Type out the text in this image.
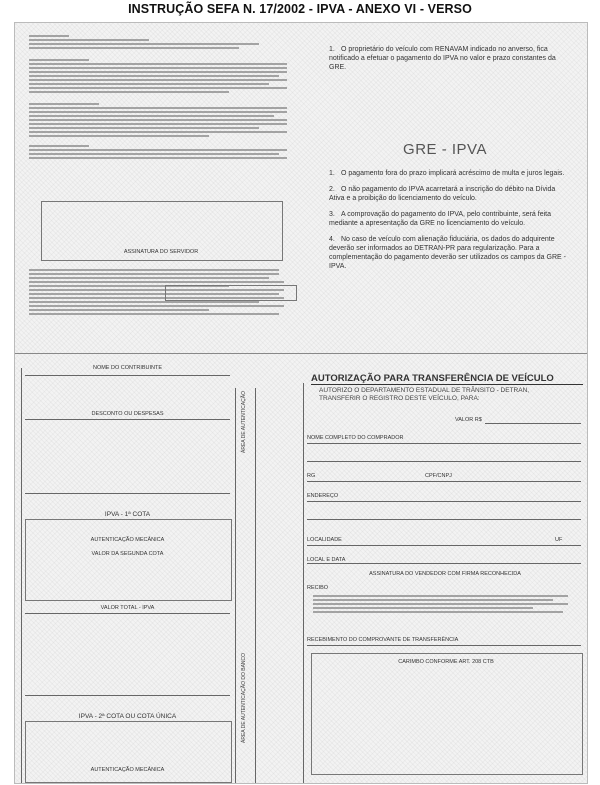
INSTRUÇÃO SEFA N. 17/2002 - IPVA - ANEXO VI - VERSO
ASSINATURA DO SERVIDOR
1. O proprietário do veículo com RENAVAM indicado no anverso, fica notificado a efetuar o pagamento do IPVA no valor e prazo constantes da GRE.
GRE - IPVA
1. O pagamento fora do prazo implicará acréscimo de multa e juros legais.
2. O não pagamento do IPVA acarretará a inscrição do débito na Dívida Ativa e a proibição do licenciamento do veículo.
3. A comprovação do pagamento do IPVA, pelo contribuinte, será feita mediante a apresentação da GRE no licenciamento do veículo.
4. No caso de veículo com alienação fiduciária, os dados do adquirente deverão ser informados ao DETRAN-PR para regularização. Para a complementação do pagamento deverão ser utilizados os campos da GRE - IPVA.
NOME DO CONTRIBUINTE
DESCONTO OU DESPESAS
IPVA - 1ª COTA
AUTENTICAÇÃO MECÂNICA
VALOR DA SEGUNDA COTA
VALOR TOTAL - IPVA
IPVA - 2ª COTA OU COTA ÚNICA
AUTENTICAÇÃO MECÂNICA
ÁREA DE AUTENTICAÇÃO
ÁREA DE AUTENTICAÇÃO DO BANCO
AUTORIZAÇÃO PARA TRANSFERÊNCIA DE VEÍCULO
AUTORIZO O DEPARTAMENTO ESTADUAL DE TRÂNSITO - DETRAN, TRANSFERIR O REGISTRO DESTE VEÍCULO, PARA:
VALOR R$
NOME COMPLETO DO COMPRADOR
RG	CPF/CNPJ
ENDEREÇO
LOCALIDADE	UF
LOCAL E DATA
ASSINATURA DO VENDEDOR COM FIRMA RECONHECIDA
RECIBO
RECEBIMENTO DO COMPROVANTE DE TRANSFERÊNCIA
CARIMBO CONFORME ART. 208 CTB
